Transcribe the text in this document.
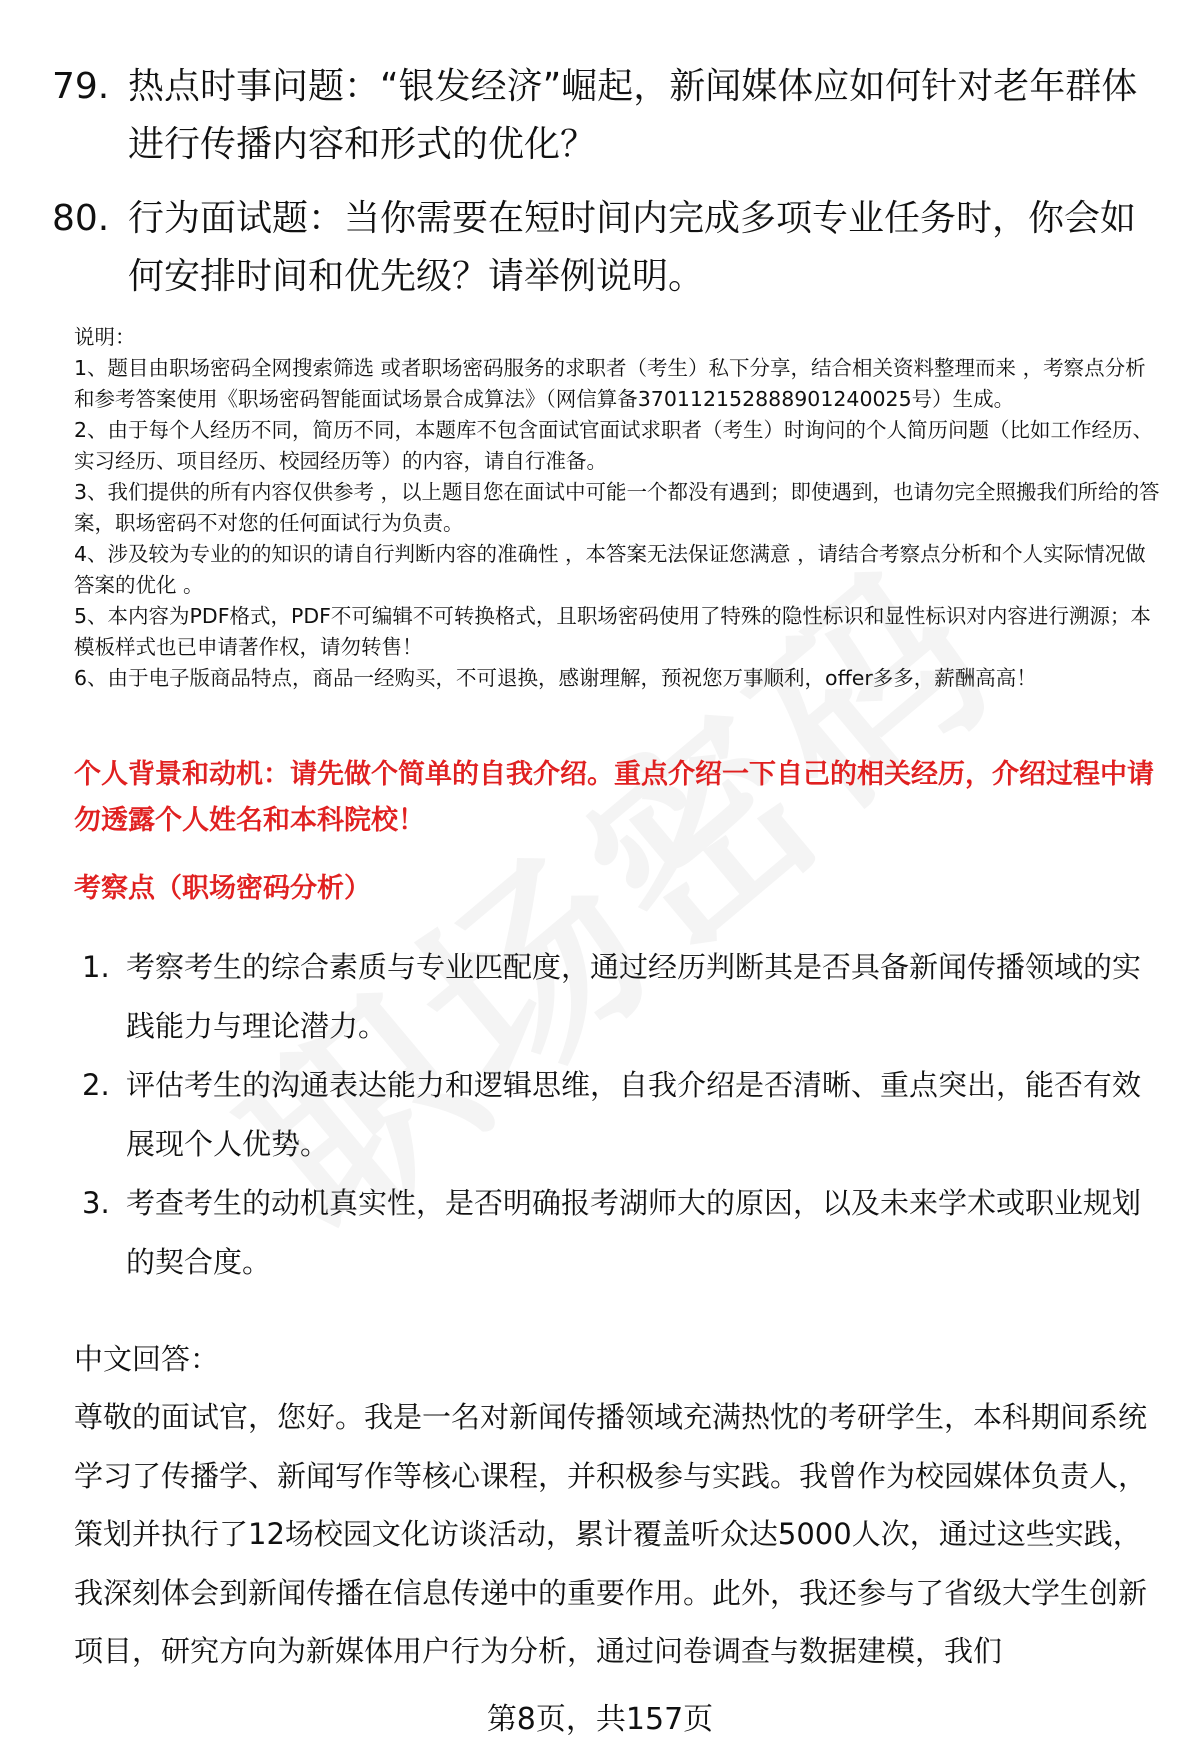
79. 热点时事问题：“银发经济”崛起，新闻媒体应如何针对老年群体进行传播内容和形式的优化？
80. 行为面试题：当你需要在短时间内完成多项专业任务时，你会如何安排时间和优先级？请举例说明。

说明：

1、题目由职场密码全网搜索筛选 或者职场密码服务的求职者（考生）私下分享，结合相关资料整理而来 ，考察点分析和参考答案使用《职场密码智能面试场景合成算法》（网信算备370112152888901240025号）生成。

2、由于每个人经历不同，简历不同，本题库不包含面试官面试求职者（考生）时询问的个人简历问题（比如工作经历、实习经历、项目经历、校园经历等）的内容，请自行准备。

3、我们提供的所有内容仅供参考 ，以上题目您在面试中可能一个都没有遇到；即使遇到，也请勿完全照搬我们所给的答案，职场密码不对您的任何面试行为负责。

4、涉及较为专业的的知识的请自行判断内容的准确性 ，本答案无法保证您满意 ，请结合考察点分析和个人实际情况做答案的优化 。

5、本内容为PDF格式，PDF不可编辑不可转换格式，且职场密码使用了特殊的隐性标识和显性标识对内容进行溯源；本模板样式也已申请著作权，请勿转售！

6、由于电子版商品特点，商品一经购买，不可退换，感谢理解，预祝您万事顺利，offer多多，薪酬高高！

个人背景和动机：请先做个简单的自我介绍。重点介绍一下自己的相关经历，介绍过程中请勿透露个人姓名和本科院校！
考察点（职场密码分析）
1. 考察考生的综合素质与专业匹配度，通过经历判断其是否具备新闻传播领域的实践能力与理论潜力。
2. 评估考生的沟通表达能力和逻辑思维，自我介绍是否清晰、重点突出，能否有效展现个人优势。
3. 考查考生的动机真实性，是否明确报考湖师大的原因，以及未来学术或职业规划的契合度。
中文回答：

尊敬的面试官，您好。我是一名对新闻传播领域充满热忱的考研学生，本科期间系统学习了传播学、新闻写作等核心课程，并积极参与实践。我曾作为校园媒体负责人，策划并执行了12场校园文化访谈活动，累计覆盖听众达5000人次，通过这些实践，我深刻体会到新闻传播在信息传递中的重要作用。此外，我还参与了省级大学生创新项目，研究方向为新媒体用户行为分析，通过问卷调查与数据建模，我们

第8页，共157页
